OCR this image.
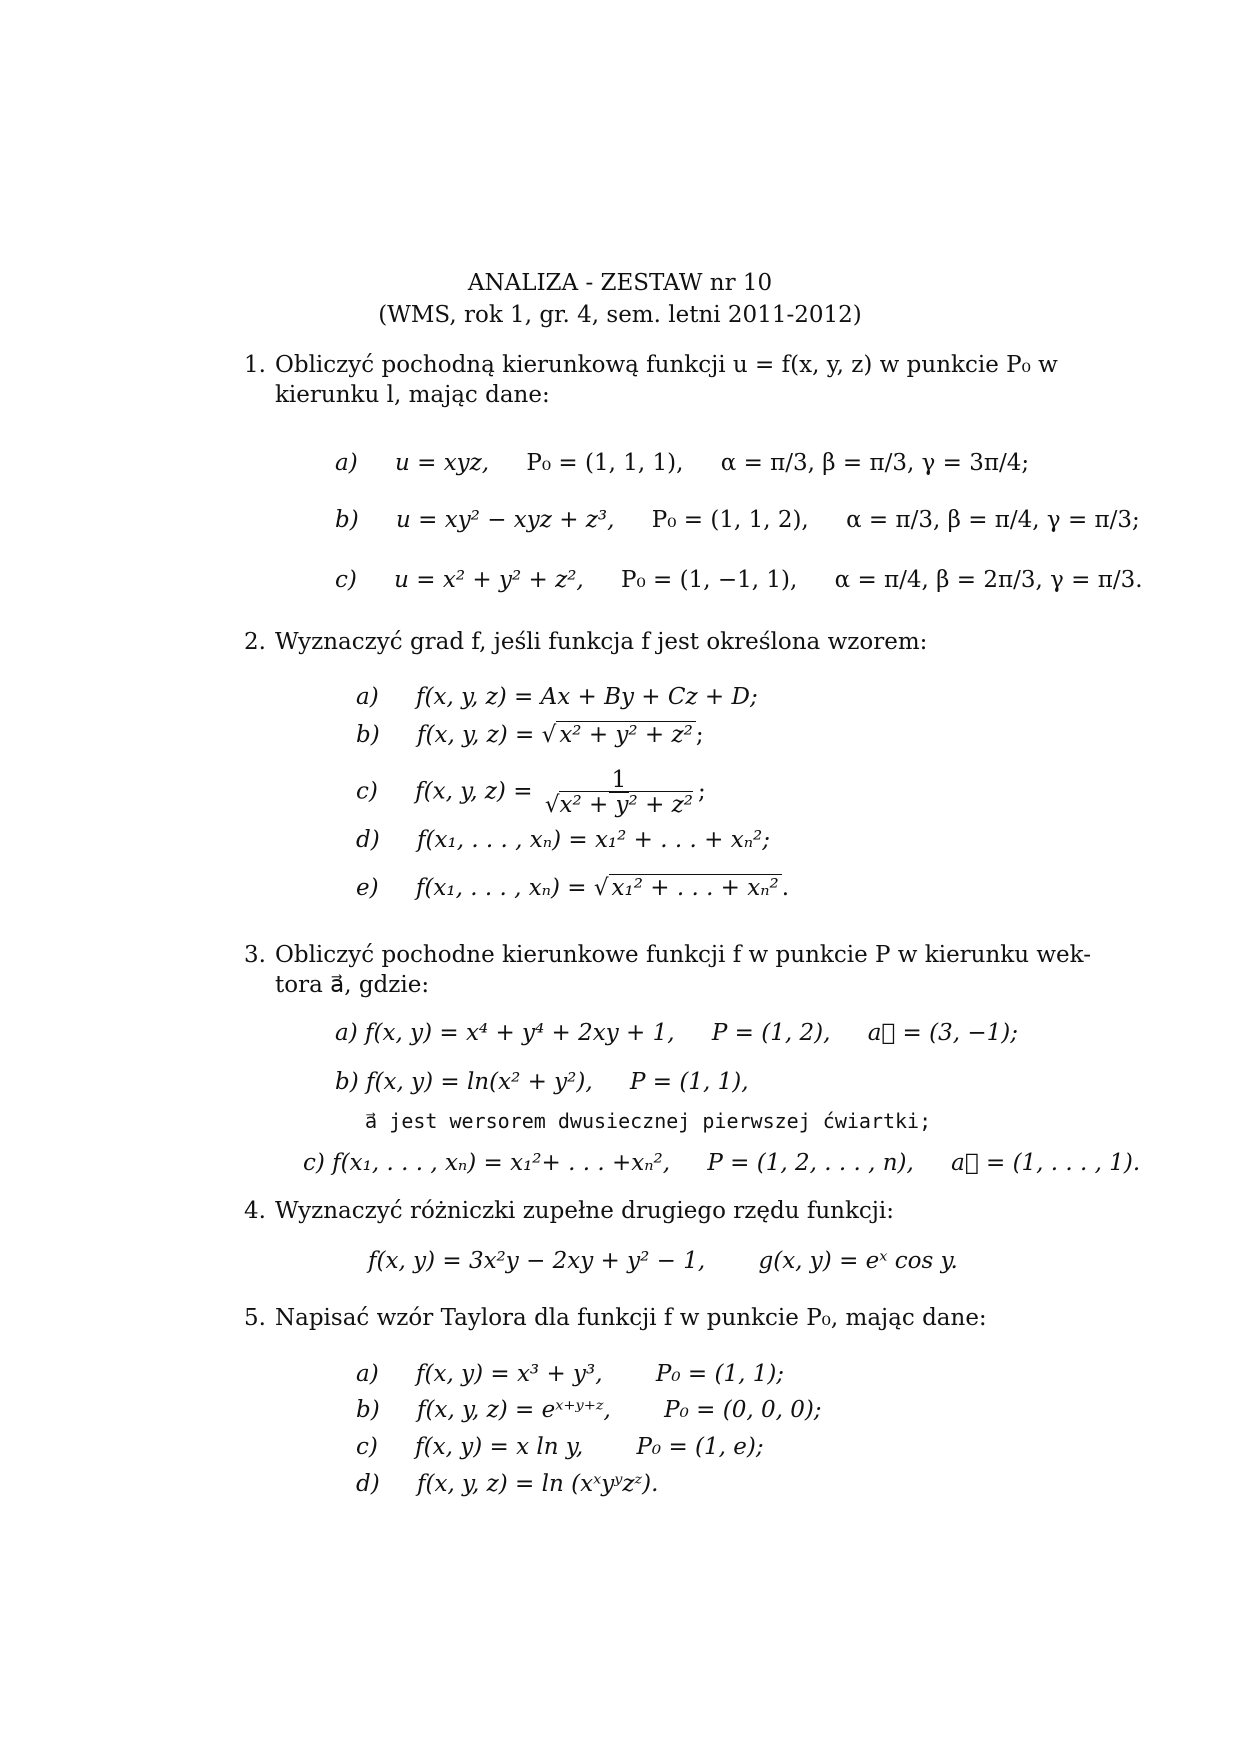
ANALIZA - ZESTAW nr 10
(WMS, rok 1, gr. 4, sem. letni 2011-2012)
1. Obliczyć pochodną kierunkową funkcji u = f(x, y, z) w punkcie P₀ w
kierunku l, mając dane:
a) u = xyz, P₀ = (1, 1, 1), α = π/3, β = π/3, γ = 3π/4;
b) u = xy² − xyz + z³, P₀ = (1, 1, 2), α = π/3, β = π/4, γ = π/3;
c) u = x² + y² + z², P₀ = (1, −1, 1), α = π/4, β = 2π/3, γ = π/3.
2. Wyznaczyć grad f, jeśli funkcja f jest określona wzorem:
a) f(x, y, z) = Ax + By + Cz + D;
b) f(x, y, z) = √ x² + y² + z² ;
c) f(x, y, $z) = \frac{1}{\text{√x² + y² + z²}}$ ;
d) f(x₁, . . . , xₙ) = x₁² + . . . + xₙ²;
e) f(x₁, . . . , xₙ) = √ x₁² + . . . + xₙ² .
3. Obliczyć pochodne kierunkowe funkcji f w punkcie P w kierunku wek-
tora a⃗, gdzie:
a) f(x, y) = x⁴ + y⁴ + 2xy + 1, P = (1, 2), a⃗ = (3, −1);
b) f(x, y) = ln(x² + y²), P = (1, 1),
a⃗ jest wersorem dwusiecznej pierwszej ćwiartki;
c) f(x₁, . . . , xₙ) = x₁²+ . . . +xₙ², P = (1, 2, . . . , n), a⃗ = (1, . . . , 1).
4. Wyznaczyć różniczki zupełne drugiego rzędu funkcji:
f(x, y) = 3x²y − 2xy + y² − 1, g(x, y) = eˣ cos y.
5. Napisać wzór Taylora dla funkcji f w punkcie P₀, mając dane:
a) f(x, y) = x³ + y³, P₀ = (1, 1);
b) f(x, y, z) = eˣ⁺ʸ⁺ᶻ, P₀ = (0, 0, 0);
c) f(x, y) = x ln y, P₀ = (1, e);
d) f(x, y, z) = ln (xˣyʸzᶻ).
